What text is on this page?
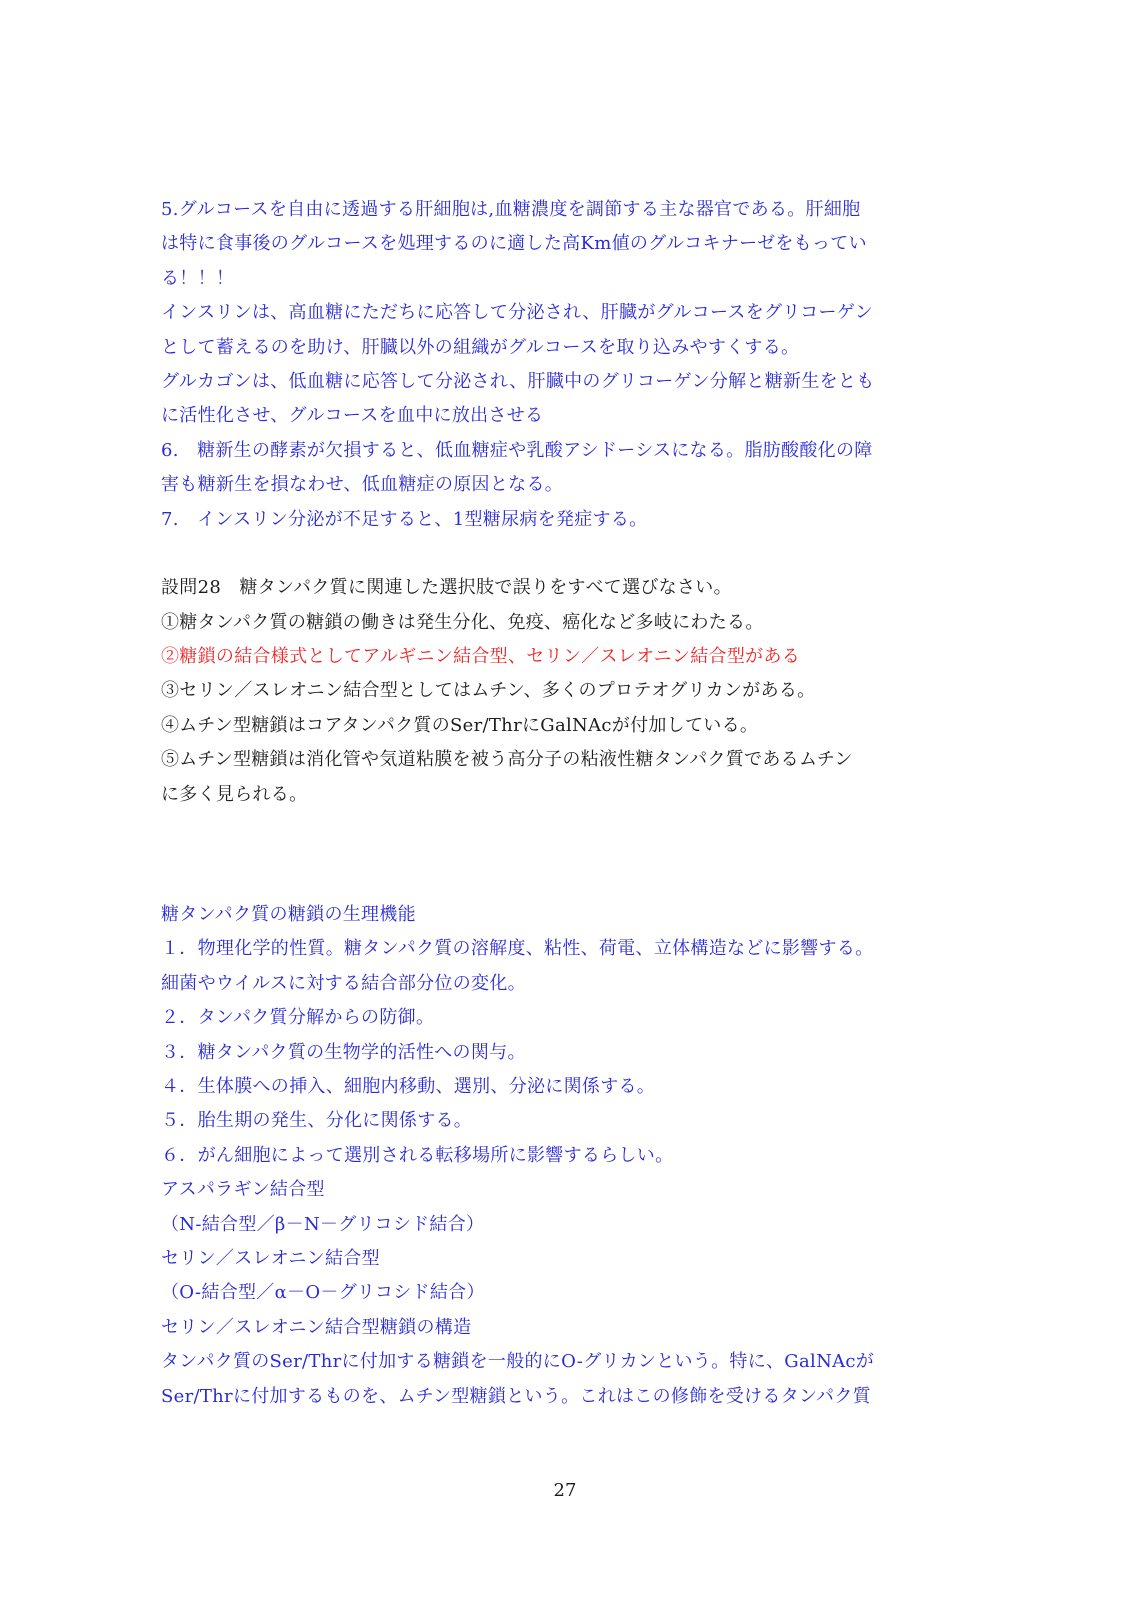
5.グルコースを自由に透過する肝細胞は,血糖濃度を調節する主な器官である。肝細胞
は特に食事後のグルコースを処理するのに適した高Km値のグルコキナーゼをもってい
る！！！
インスリンは、高血糖にただちに応答して分泌され、肝臓がグルコースをグリコーゲン
として蓄えるのを助け、肝臓以外の組織がグルコースを取り込みやすくする。
グルカゴンは、低血糖に応答して分泌され、肝臓中のグリコーゲン分解と糖新生をとも
に活性化させ、グルコースを血中に放出させる
6.　糖新生の酵素が欠損すると、低血糖症や乳酸アシドーシスになる。脂肪酸酸化の障
害も糖新生を損なわせ、低血糖症の原因となる。
7.　インスリン分泌が不足すると、1型糖尿病を発症する。
設問28　糖タンパク質に関連した選択肢で誤りをすべて選びなさい。
①糖タンパク質の糖鎖の働きは発生分化、免疫、癌化など多岐にわたる。
②糖鎖の結合様式としてアルギニン結合型、セリン／スレオニン結合型がある
③セリン／スレオニン結合型としてはムチン、多くのプロテオグリカンがある。
④ムチン型糖鎖はコアタンパク質のSer/ThrにGalNAcが付加している。
⑤ムチン型糖鎖は消化管や気道粘膜を被う高分子の粘液性糖タンパク質であるムチン
に多く見られる。
糖タンパク質の糖鎖の生理機能
１．物理化学的性質。糖タンパク質の溶解度、粘性、荷電、立体構造などに影響する。
細菌やウイルスに対する結合部分位の変化。
２．タンパク質分解からの防御。
３．糖タンパク質の生物学的活性への関与。
４．生体膜への挿入、細胞内移動、選別、分泌に関係する。
５．胎生期の発生、分化に関係する。
６．がん細胞によって選別される転移場所に影響するらしい。
アスパラギン結合型
（N-結合型／β－N－グリコシド結合）
セリン／スレオニン結合型
（O-結合型／α－O－グリコシド結合）
セリン／スレオニン結合型糖鎖の構造
タンパク質のSer/Thrに付加する糖鎖を一般的にO-グリカンという。特に、GalNAcが
Ser/Thrに付加するものを、ムチン型糖鎖という。これはこの修飾を受けるタンパク質
27
